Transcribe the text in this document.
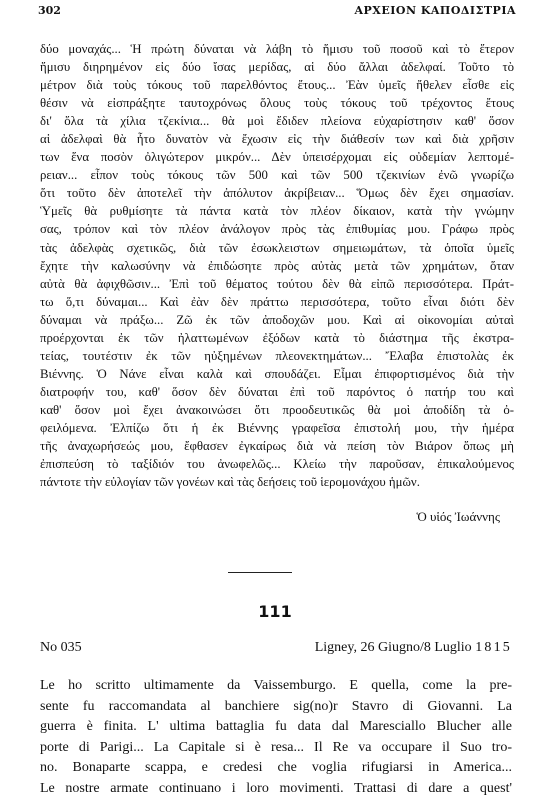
302	ΑΡΧΕΙΟΝ ΚΑΠΟΔΙΣΤΡΙΑ
δύο μοναχάς... Ἡ πρώτη δύναται νὰ λάβη τὸ ἥμισυ τοῦ ποσοῦ καὶ τὸ ἕτερον
ἥμισυ διηρημένον εἰς δύο ἴσας μερίδας, αἱ δύο ἄλλαι ἀδελφαί. Τοῦτο τὸ
μέτρον διὰ τοὺς τόκους τοῦ παρελθόντος ἔτους... Ἐὰν ὑμεῖς ἤθελεν εἶσθε εἰς
θέσιν νὰ εἰσπράξητε ταυτοχρόνως ὅλους τοὺς τόκους τοῦ τρέχοντος ἔτους
δι' ὅλα τὰ χίλια τζεκίνια... θὰ μοὶ ἔδιδεν πλείονα εὐχαρίστησιν καθ' ὅσον
αἱ ἀδελφαὶ θὰ ἦτο δυνατὸν νὰ ἔχωσιν εἰς τὴν διάθεσίν των καὶ διὰ χρῆσιν
των ἕνα ποσὸν ὀλιγώτερον μικρόν... Δὲν ὑπεισέρχομαι εἰς οὐδεμίαν λεπτομέ-
ρειαν... εἶπον τοὺς τόκους τῶν 500 καὶ τῶν 500 τζεκινίων ἐνῶ γνωρίζω
ὅτι τοῦτο δὲν ἀποτελεῖ τὴν ἀπόλυτον ἀκρίβειαν... Ὅμως δὲν ἔχει σημασίαν.
Ὑμεῖς θὰ ρυθμίσητε τὰ πάντα κατὰ τὸν πλέον δίκαιον, κατὰ τὴν γνώμην
σας, τρόπον καὶ τὸν πλέον ἀνάλογον πρὸς τὰς ἐπιθυμίας μου. Γράφω πρὸς
τὰς ἀδελφὰς σχετικῶς, διὰ τῶν ἐσωκλειστων σημειωμάτων, τὰ ὁποῖα ὑμεῖς
ἔχητε τὴν καλωσύνην νὰ ἐπιδώσητε πρὸς αὐτὰς μετὰ τῶν χρημάτων, ὅταν
αὐτὰ θὰ ἀφιχθῶσιν... Ἐπὶ τοῦ θέματος τούτου δὲν θὰ εἰπῶ περισσότερα. Πράτ-
τω ὅ,τι δύναμαι... Καὶ ἐὰν δὲν πράττω περισσότερα, τοῦτο εἶναι διότι δὲν
δύναμαι νὰ πράξω... Ζῶ ἐκ τῶν ἀποδοχῶν μου. Καὶ αἱ οἰκονομίαι αὐταὶ
προέρχονται ἐκ τῶν ἠλαττωμένων ἐξόδων κατὰ τὸ διάστημα τῆς ἐκστρα-
τείας, τουτέστιν ἐκ τῶν ηὐξημένων πλεονεκτημάτων... Ἔλαβα ἐπιστολὰς ἐκ
Βιέννης. Ὁ Νάνε εἶναι καλὰ καὶ σπουδάζει. Εἶμαι ἐπιφορτισμένος διὰ τὴν
διατροφήν του, καθ' ὅσον δὲν δύναται ἐπὶ τοῦ παρόντος ὁ πατήρ του καὶ
καθ' ὅσον μοὶ ἔχει ἀνακοινώσει ὅτι προοδευτικῶς θὰ μοὶ ἀποδίδη τὰ ὀ-
φειλόμενα. Ἐλπίζω ὅτι ἡ ἐκ Βιέννης γραφεῖσα ἐπιστολή μου, τὴν ἡμέρα
τῆς ἀναχωρήσεώς μου, ἔφθασεν ἐγκαίρως διὰ νὰ πείση τὸν Βιάρον ὅπως μὴ
ἐπισπεύση τὸ ταξίδιόν του ἀνωφελῶς... Κλείω τὴν παροῦσαν, ἐπικαλούμενος
πάντοτε τὴν εὐλογίαν τῶν γονέων καὶ τὰς δεήσεις τοῦ ἱερομονάχου ἡμῶν.
Ὁ υἱός Ἰωάννης
111
No 035	Ligney, 26 Giugno/8 Luglio 1815
Le ho scritto ultimamente da Vaissemburgo. E quella, come la pre-
sente fu raccomandata al banchiere sig(no)r Stavro di Giovanni. La
guerra è finita. L' ultima battaglia fu data dal Maresciallo Blucher alle
porte di Parigi... La Capitale si è resa... Il Re va occupare il Suo tro-
no. Bonaparte scappa, e credesi che voglia rifugiarsi in America...
Le nostre armate continuano i loro movimenti. Trattasi di dare a quest'
